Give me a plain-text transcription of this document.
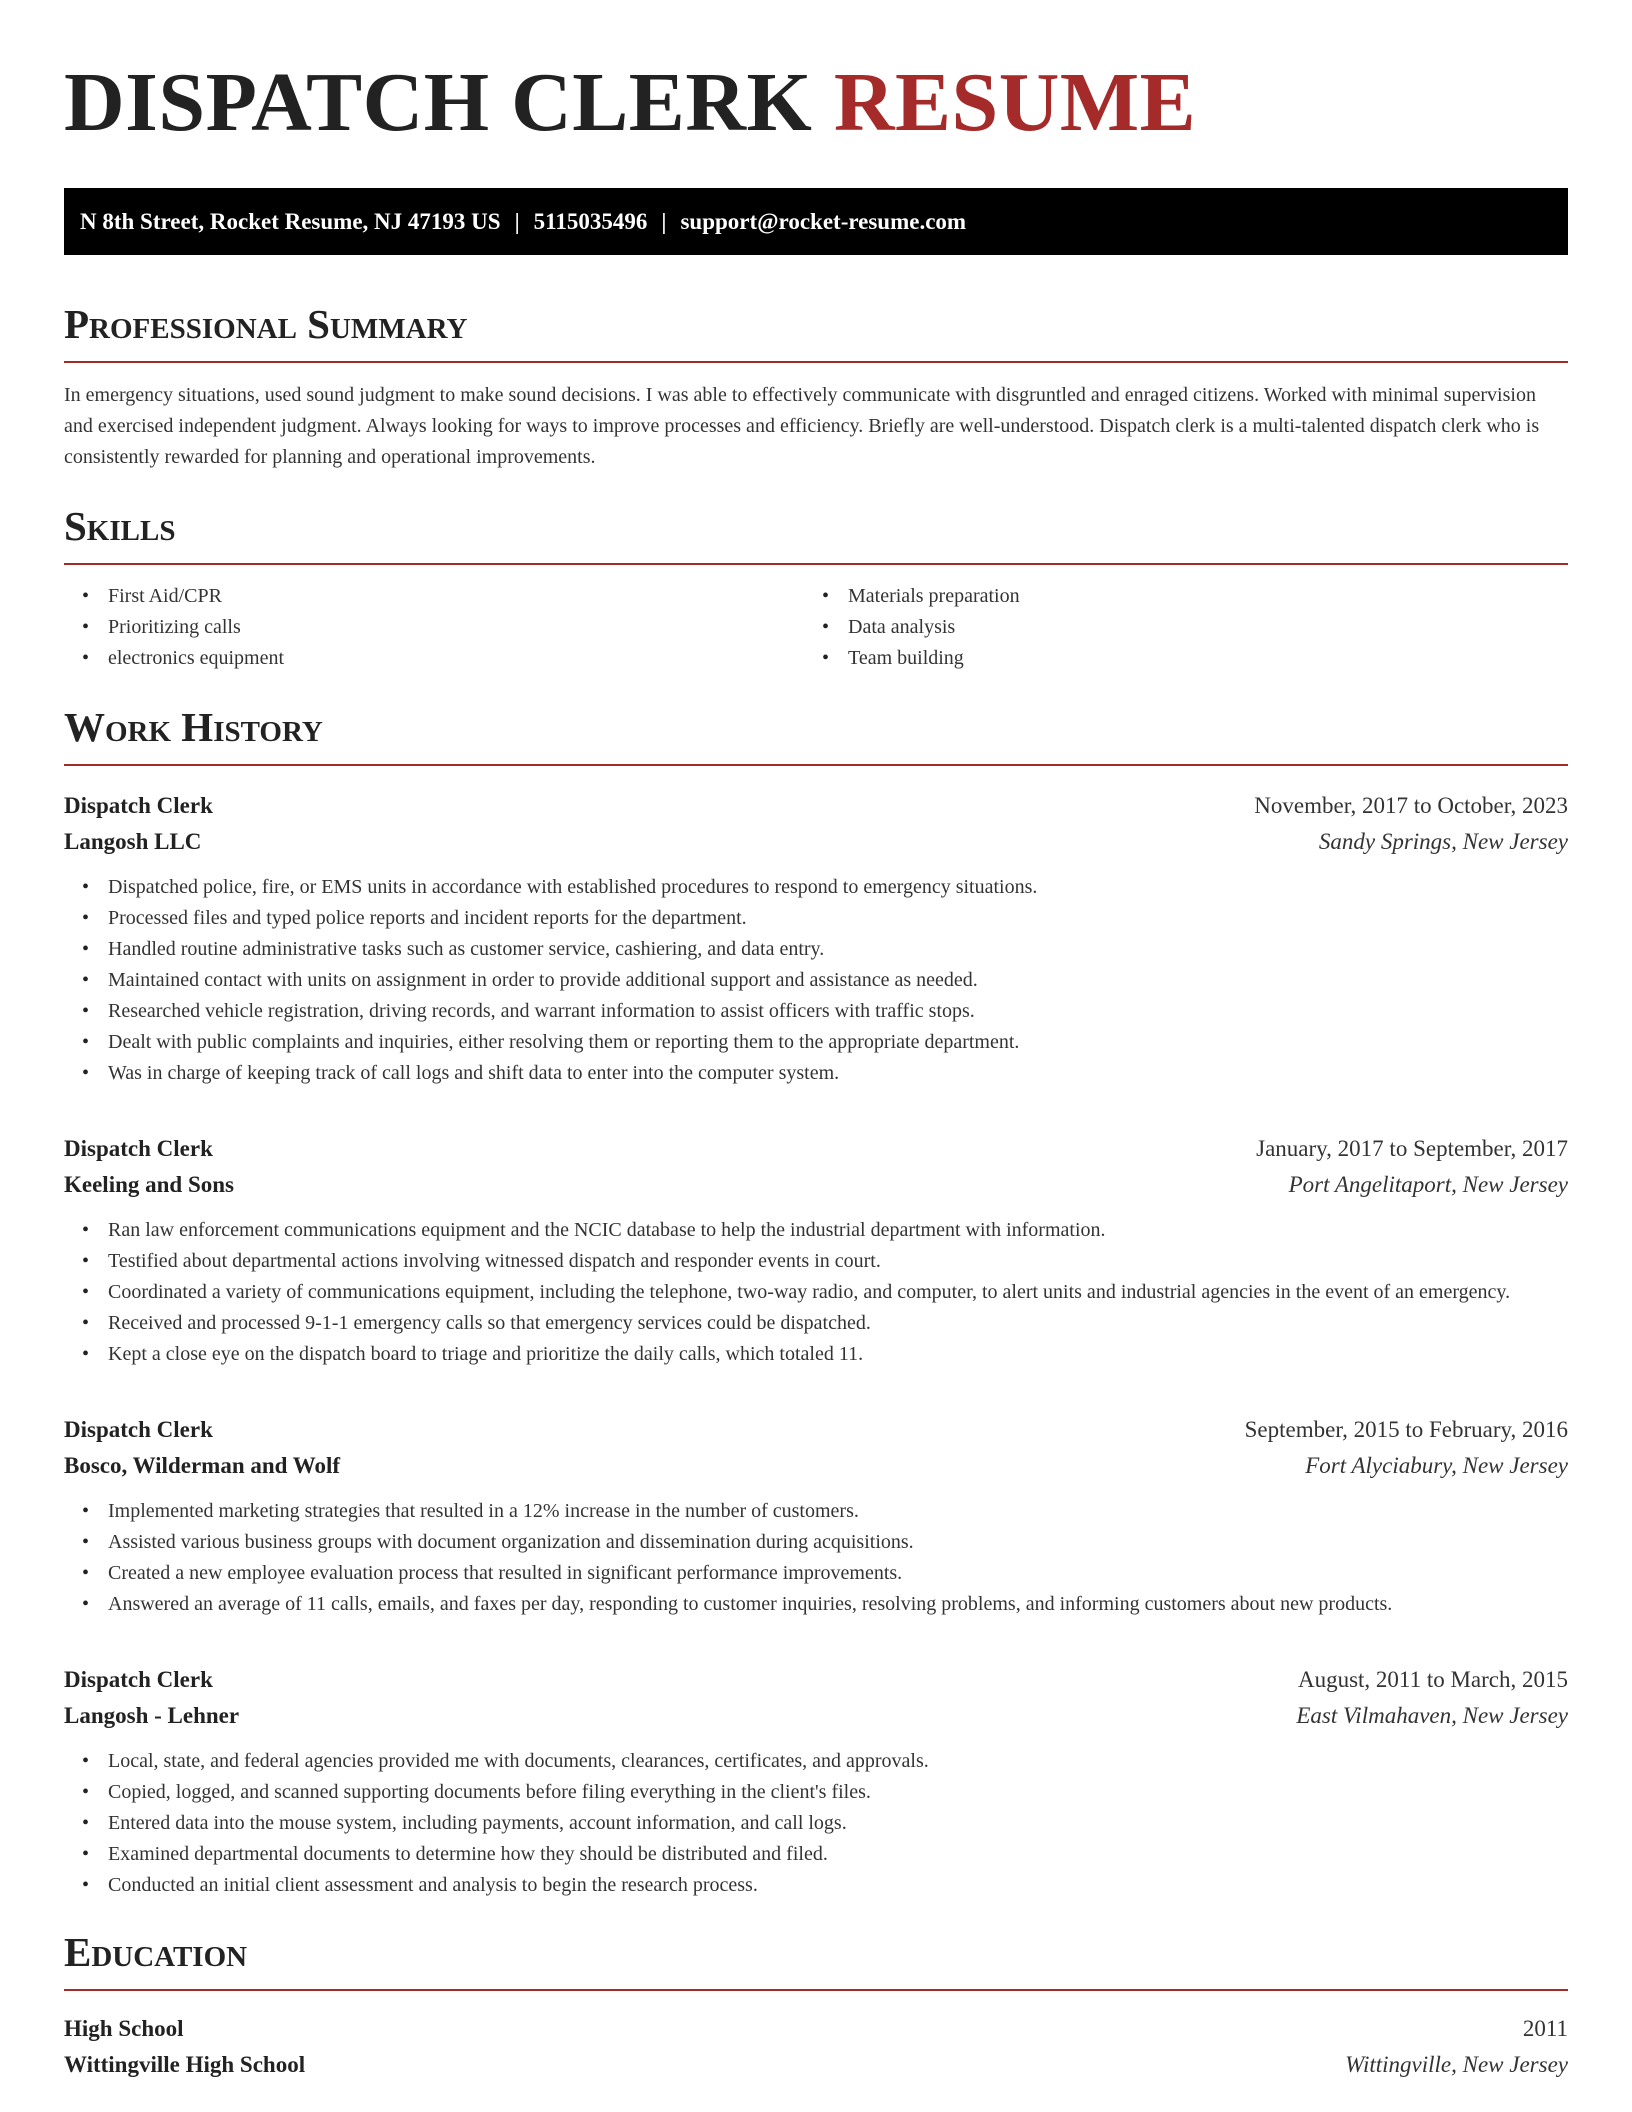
DISPATCH CLERK RESUME
N 8th Street, Rocket Resume, NJ 47193 US | 5115035496 | support@rocket-resume.com
Professional Summary

In emergency situations, used sound judgment to make sound decisions. I was able to effectively communicate with disgruntled and enraged citizens. Worked with minimal supervision and exercised independent judgment. Always looking for ways to improve processes and efficiency. Briefly are well-understood. Dispatch clerk is a multi-talented dispatch clerk who is consistently rewarded for planning and operational improvements.

Skills
• First Aid/CPR
• Prioritizing calls
• electronics equipment
• Materials preparation
• Data analysis
• Team building
Work History
Dispatch Clerk	November, 2017 to October, 2023
Langosh LLC	Sandy Springs, New Jersey
• Dispatched police, fire, or EMS units in accordance with established procedures to respond to emergency situations.
• Processed files and typed police reports and incident reports for the department.
• Handled routine administrative tasks such as customer service, cashiering, and data entry.
• Maintained contact with units on assignment in order to provide additional support and assistance as needed.
• Researched vehicle registration, driving records, and warrant information to assist officers with traffic stops.
• Dealt with public complaints and inquiries, either resolving them or reporting them to the appropriate department.
• Was in charge of keeping track of call logs and shift data to enter into the computer system.
Dispatch Clerk	January, 2017 to September, 2017
Keeling and Sons	Port Angelitaport, New Jersey
• Ran law enforcement communications equipment and the NCIC database to help the industrial department with information.
• Testified about departmental actions involving witnessed dispatch and responder events in court.
• Coordinated a variety of communications equipment, including the telephone, two-way radio, and computer, to alert units and industrial agencies in the event of an emergency.
• Received and processed 9-1-1 emergency calls so that emergency services could be dispatched.
• Kept a close eye on the dispatch board to triage and prioritize the daily calls, which totaled 11.
Dispatch Clerk	September, 2015 to February, 2016
Bosco, Wilderman and Wolf	Fort Alyciabury, New Jersey
• Implemented marketing strategies that resulted in a 12% increase in the number of customers.
• Assisted various business groups with document organization and dissemination during acquisitions.
• Created a new employee evaluation process that resulted in significant performance improvements.
• Answered an average of 11 calls, emails, and faxes per day, responding to customer inquiries, resolving problems, and informing customers about new products.
Dispatch Clerk	August, 2011 to March, 2015
Langosh - Lehner	East Vilmahaven, New Jersey
• Local, state, and federal agencies provided me with documents, clearances, certificates, and approvals.
• Copied, logged, and scanned supporting documents before filing everything in the client's files.
• Entered data into the mouse system, including payments, account information, and call logs.
• Examined departmental documents to determine how they should be distributed and filed.
• Conducted an initial client assessment and analysis to begin the research process.
Education
High School	2011
Wittingville High School	Wittingville, New Jersey
